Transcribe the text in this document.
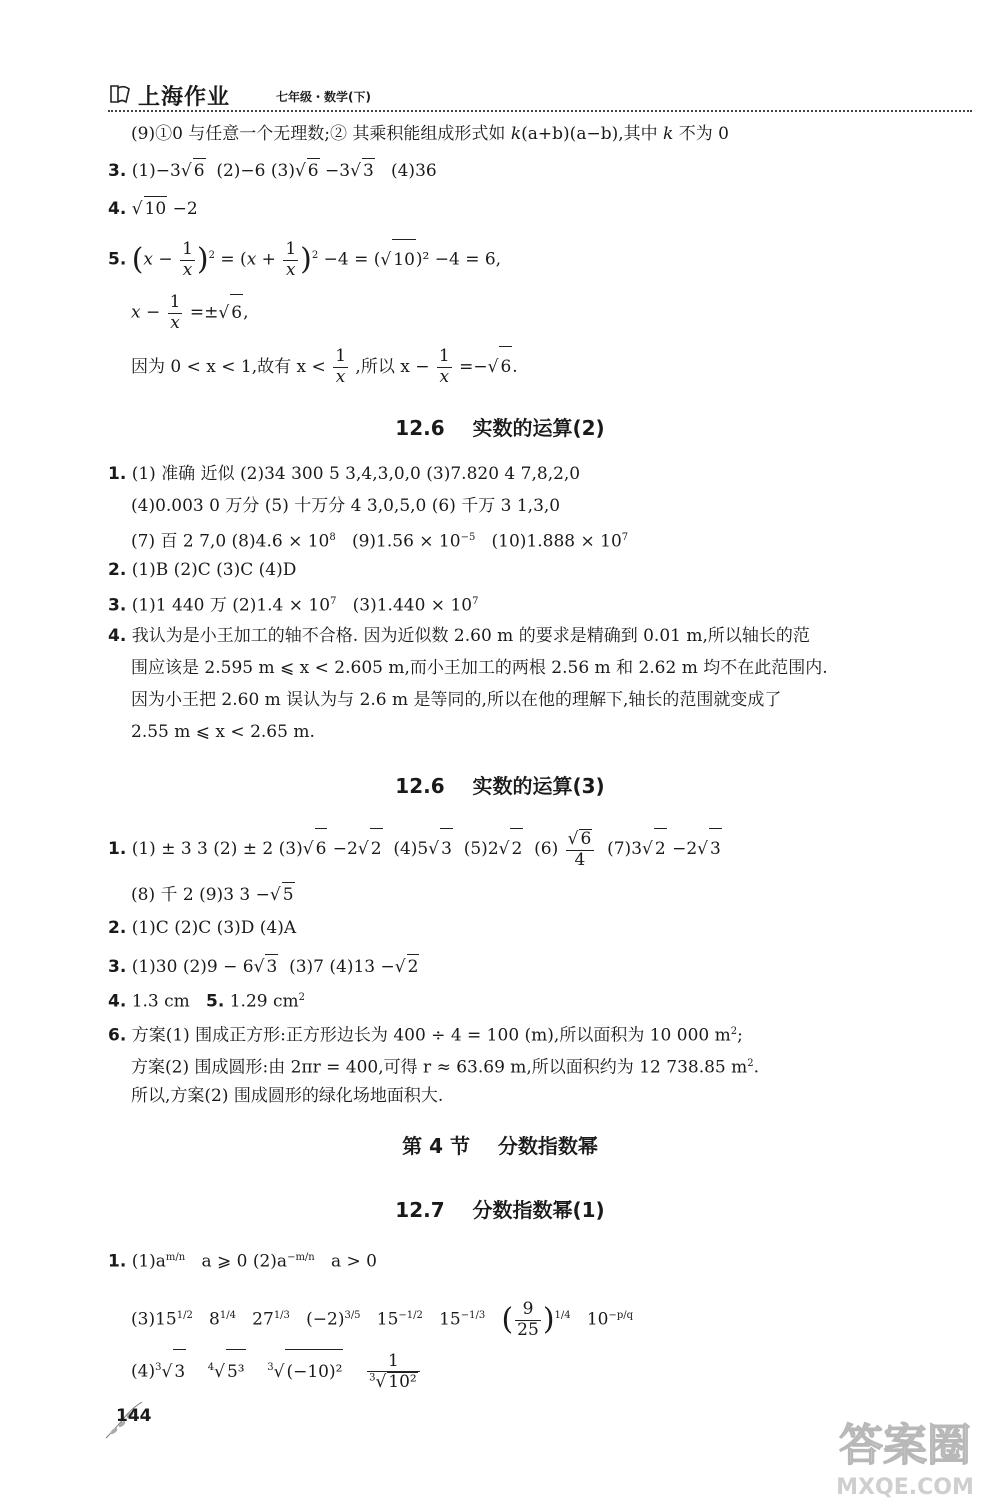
上海作业	七年级・数学(下)
(9)①0 与任意一个无理数;② 其乘积能组成形式如 k(a+b)(a−b),其中 k 不为 0
3. (1)−3√ 6 (2)−6 (3)√ 6 −3√ 3 (4)36
4. √ 10 −2
5. $(x - \frac{1}{x} )^2 = (x + \frac{1}{x} )^2 -4$ = (√ 10)² −4 = 6,
$x - \frac{1}{x}$ =±√ 6,
因为 0 < x < 1,故有 $x < \frac{1}{x}$ ,所以 $x - \frac{1}{x}$ =−√ 6.
12.6    实数的运算(2)
1. (1) 准确 近似 (2)34 300 5 3,4,3,0,0 (3)7.820 4 7,8,2,0
(4)0.003 0 万分 (5) 十万分 4 3,0,5,0 (6) 千万 3 1,3,0
(7) 百 2 7,0 $(8)4.6 \times 10^8$ $(9)1.56 \times 10^{-5}$ $(10)1.888 \times 10^7$
2. (1)B (2)C (3)C (4)D
3. (1)1 440 万 $(2)1.4 \times 10^7$ $(3)1.440 \times 10^7$
4. 我认为是小王加工的轴不合格. 因为近似数 2.60 m 的要求是精确到 0.01 m,所以轴长的范
围应该是 2.595 m ⩽ x < 2.605 m,而小王加工的两根 2.56 m 和 2.62 m 均不在此范围内.
因为小王把 2.60 m 误认为与 2.6 m 是等同的,所以在他的理解下,轴长的范围就变成了
2.55 m ⩽ x < 2.65 m.
12.6    实数的运算(3)
1. (1) ± 3 3 (2) ± 2 (3)√ 6 −2√ 2 (4)5√ 3 (5)2√ 2 (6)
√ $\frac{6}{4} (7)3√$ 2 −2√ 3
(8) 千 2 (9)3 3 −√ 5
2. (1)C (2)C (3)D (4)A
3. (1)30 (2)9 − 6√ 3 (3)7 (4)13 −√ 2
4. 1.3 cm 5. 1.29 $cm^2$
6. 方案(1) 围成正方形:正方形边长为 400 ÷ 4 = 100 (m),所以面积为 10 000 $m^2$;
方案(2) 围成圆形:由 2πr = 400,可得 r ≈ 63.69 m,所以面积约为 12 738.85 $m^2$.
所以,方案(2) 围成圆形的绿化场地面积大.
第 4 节    分数指数幂
12.7    分数指数幂(1)
1. $(1)a^{m/n}$ a ⩾ 0 $(2)a^{-m/n}$ a > 0
$(3)15^{1/2}$ $8^{1/4}$ $27^{1/3}$ $(-2)^{3/5}$ $15^{-1/2}$ $15^{-1/3}$ ( $\frac{9}{25} )^{1/4}$ $10^{-p/q}$
$(4)^3√$ 3 $^4$√ 5³ $^3$√ $(-10)^2 \frac{1}{^3√ 10^2}$
144
答案圈
MXQE.COM
